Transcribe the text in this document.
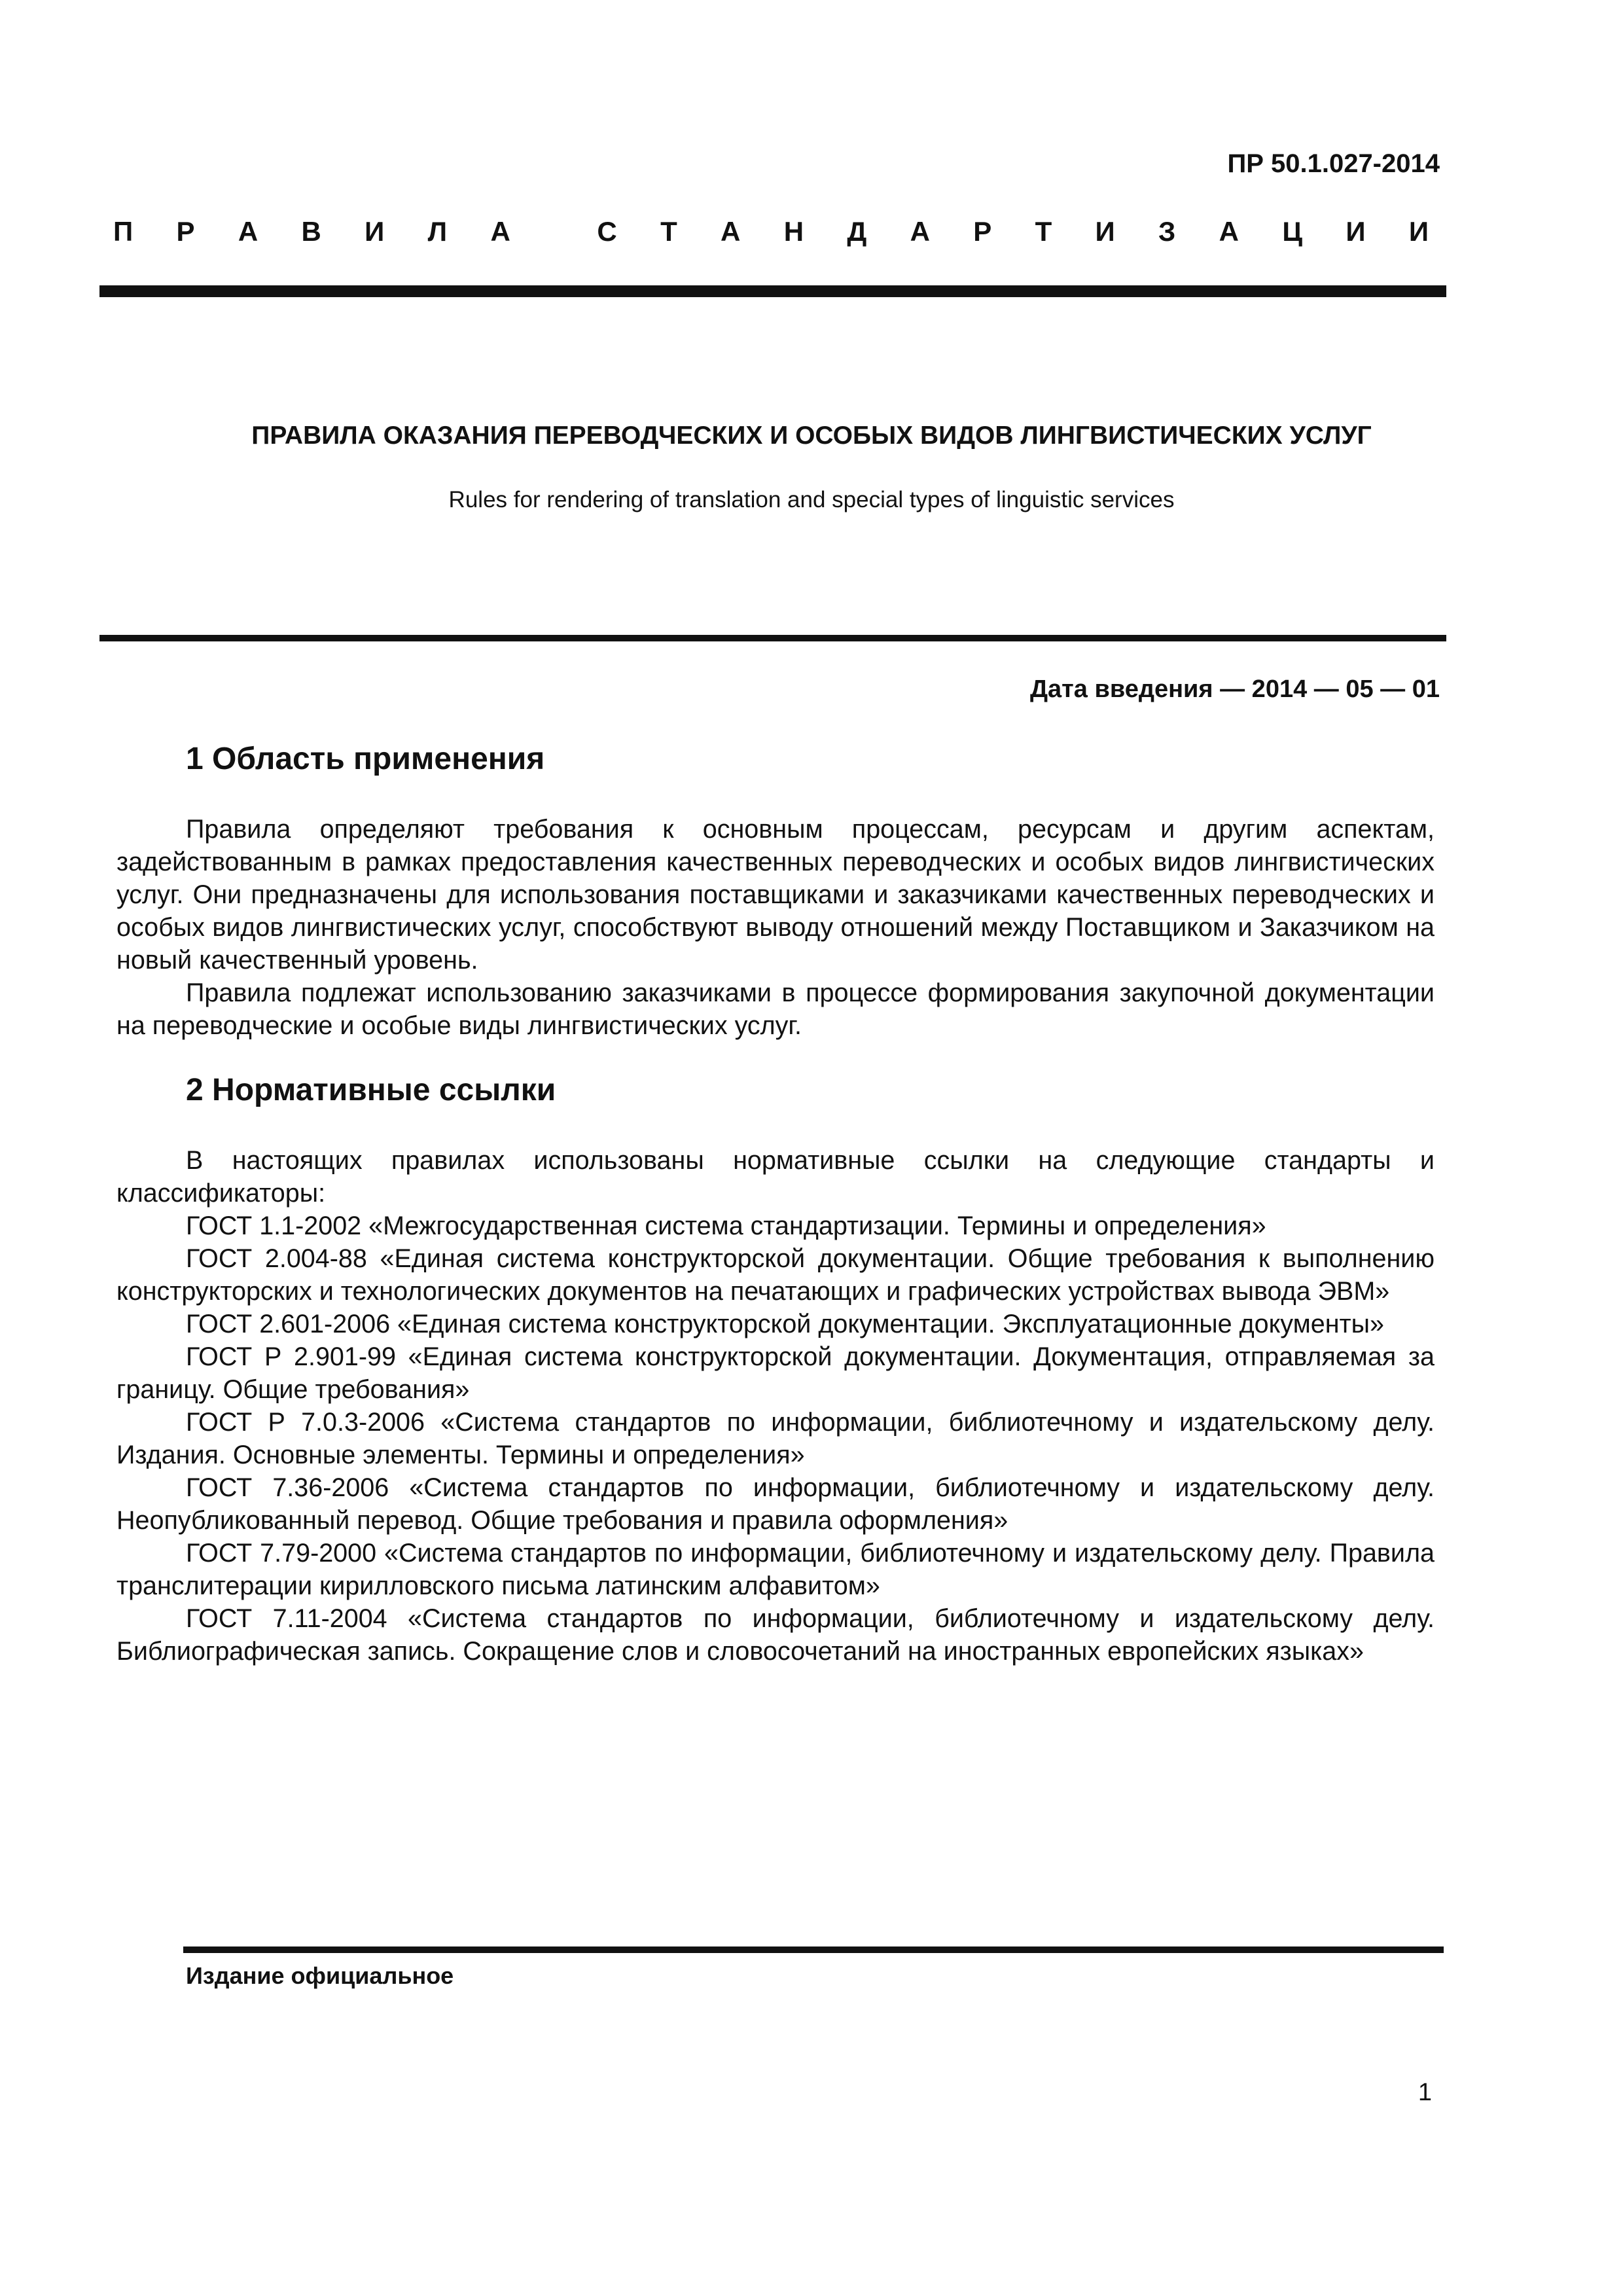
ПР 50.1.027-2014
П Р А В И Л А	С Т А Н Д А Р Т И З А Ц И И
ПРАВИЛА ОКАЗАНИЯ ПЕРЕВОДЧЕСКИХ И ОСОБЫХ ВИДОВ ЛИНГВИСТИЧЕСКИХ УСЛУГ
Rules for rendering of translation and special types of linguistic services
Дата введения — 2014 — 05 — 01
1 Область применения

Правила определяют требования к основным процессам, ресурсам и другим аспектам, задействованным в рамках предоставления качественных переводческих и особых видов лингвистических услуг. Они предназначены для использования поставщиками и заказчиками качественных переводческих и особых видов лингвистических услуг, способствуют выводу отношений между Поставщиком и Заказчиком на новый качественный уровень.

Правила подлежат использованию заказчиками в процессе формирования закупочной документации на переводческие и особые виды лингвистических услуг.

2 Нормативные ссылки

В настоящих правилах использованы нормативные ссылки на следующие стандарты и классификаторы:

ГОСТ 1.1-2002 «Межгосударственная система стандартизации. Термины и определения»

ГОСТ 2.004-88 «Единая система конструкторской документации. Общие требования к выполнению конструкторских и технологических документов на печатающих и графических устройствах вывода ЭВМ»

ГОСТ 2.601-2006 «Единая система конструкторской документации. Эксплуатационные документы»

ГОСТ Р 2.901-99 «Единая система конструкторской документации. Документация, отправляемая за границу. Общие требования»

ГОСТ Р 7.0.3-2006 «Система стандартов по информации, библиотечному и издательскому делу. Издания. Основные элементы. Термины и определения»

ГОСТ 7.36-2006 «Система стандартов по информации, библиотечному и издательскому делу. Неопубликованный перевод. Общие требования и правила оформления»

ГОСТ 7.79-2000 «Система стандартов по информации, библиотечному и издательскому делу. Правила транслитерации кирилловского письма латинским алфавитом»

ГОСТ 7.11-2004 «Система стандартов по информации, библиотечному и издательскому делу. Библиографическая запись. Сокращение слов и словосочетаний на иностранных европейских языках»

Издание официальное
1
